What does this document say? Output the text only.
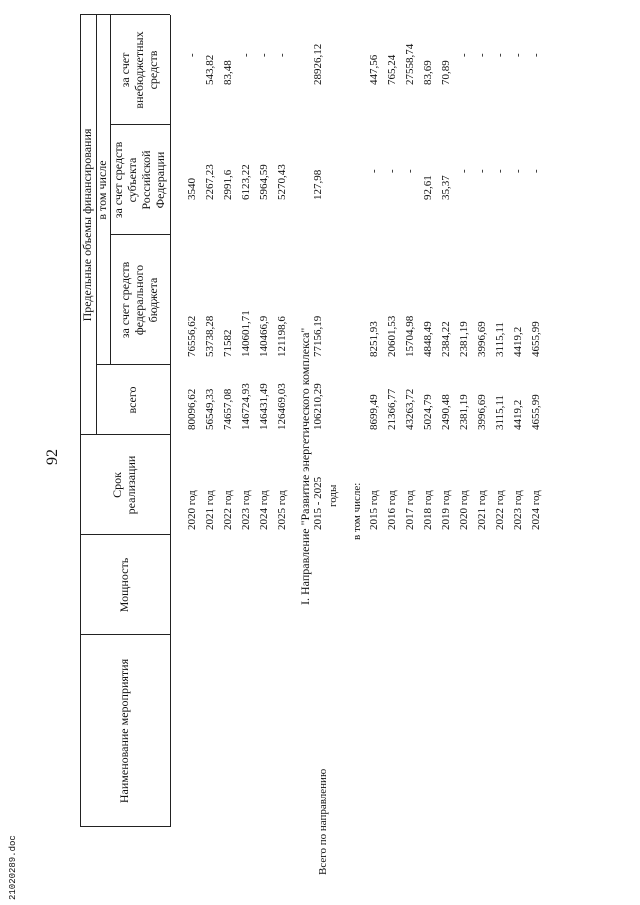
21020289.doc
92
Наименование мероприятия
Мощность
Срок реализации
Предельные объемы финансирования
всего
в том числе
за счет средств федерального бюджета
за счет средств субъекта Российской Федерации
за счет внебюджетных средств
2020 год
80096,62
76556,62
3540
-
2021 год
56549,33
53738,28
2267,23
543,82
2022 год
74657,08
71582
2991,6
83,48
2023 год
146724,93
140601,71
6123,22
-
2024 год
146431,49
140466,9
5964,59
-
2025 год
126469,03
121198,6
5270,43
-
I. Направление "Развитие энергетического комплекса"
Всего по направлению
2015 - 2025 годы
106210,29
77156,19
127,98
28926,12
в том числе: 2015 год
8699,49
8251,93
-
447,56
2016 год
21366,77
20601,53
-
765,24
2017 год
43263,72
15704,98
-
27558,74
2018 год
5024,79
4848,49
92,61
83,69
2019 год
2490,48
2384,22
35,37
70,89
2020 год
2381,19
2381,19
-
-
2021 год
3996,69
3996,69
-
-
2022 год
3115,11
3115,11
-
-
2023 год
4419,2
4419,2
-
-
2024 год
4655,99
4655,99
-
-
